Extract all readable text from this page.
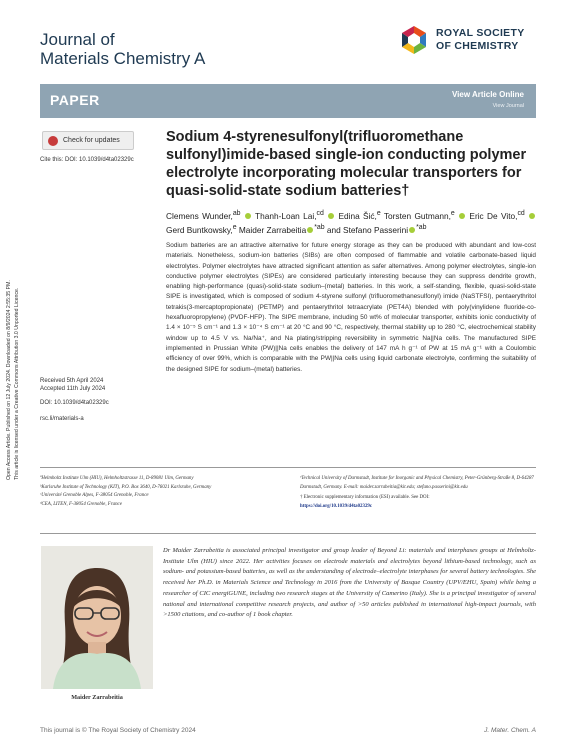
Journal of
Materials Chemistry A
ROYAL SOCIETY
OF CHEMISTRY
PAPER	View Article Online
View Journal
Open Access Article. Published on 12 July 2024. Downloaded on 8/9/2024 2:55:35 PM. This article is licensed under a Creative Commons Attribution 3.0 Unported Licence.
Check for updates
Cite this: DOI: 10.1039/d4ta02329c
Sodium 4-styrenesulfonyl(trifluoromethane sulfonyl)imide-based single-ion conducting polymer electrolyte incorporating molecular transporters for quasi-solid-state sodium batteries†
Clemens Wunder,$^{ab}$ Thanh-Loan Lai,$^{cd}$ Edina Šić,$^e$ Torsten Gutmann,$^e$ Eric De Vito,$^{cd}$  Gerd Buntkowsky,$^e$ Maider Zarrabeitia $^{*ab}$ and Stefano Passerini $^{*ab}$
Sodium batteries are an attractive alternative for future energy storage as they can be produced with abundant and low-cost materials. Nonetheless, sodium-ion batteries (SIBs) are often composed of flammable and volatile carbonate-based liquid electrolytes. Polymer electrolytes have attracted significant attention as safer alternatives. Among polymer electrolytes, single-ion conductive polymer electrolytes (SIPEs) are considered particularly interesting because they can suppress dendrite growth, enabling high-performance (quasi)-solid-state sodium–(metal) batteries. In this work, a self-standing, flexible, quasi-solid-state SIPE is investigated, which is composed of sodium 4-styrene sulfonyl (trifluoromethanesulfonyl) imide (NaSTFSI), pentaerythritol tetrakis(3-mercaptopropionate) (PETMP) and pentaerythritol tetraacrylate (PET4A) blended with poly(vinylidene fluoride-co-hexafluoropropylene) (PVDF-HFP). The SIPE membrane, including 50 wt% of molecular transporter, exhibits ionic conductivity of 1.4 × 10⁻⁵ S cm⁻¹ and 1.3 × 10⁻⁴ S cm⁻¹ at 20 °C and 90 °C, respectively, thermal stability up to 280 °C, electrochemical stability window up to 4.5 V vs. Na/Na⁺, and Na plating/stripping reversibility in symmetric Na||Na cells. The manufactured SIPE implemented in Prussian White (PW)||Na cells enables the delivery of 147 mA h g⁻¹ of PW at 15 mA g⁻¹ with a Coulombic efficiency of over 99%, which is comparable with the PW||Na cells using liquid carbonate electrolyte, confirming the suitability of the designed SIPE for sodium–(metal) batteries.
Received 5th April 2024
Accepted 11th July 2024
DOI: 10.1039/d4ta02329c
rsc.li/materials-a
ªHelmholtz Institute Ulm (HIU), Helmholtzstrasse 11, D-89081 Ulm, Germany
ᵇKarlsruhe Institute of Technology (KIT), P.O. Box 3640, D-76021 Karlsruhe, Germany
ᶜUniversité Grenoble Alpes, F-38054 Grenoble, France
ᵈCEA, LITEN, F-38054 Grenoble, France
ᵉTechnical University of Darmstadt, Institute for Inorganic and Physical Chemistry, Peter-Grünberg-Straße 8, D-64287 Darmstadt, Germany. E-mail: maider.zarrabeitia@kit.edu; stefano.passerini@kit.edu
† Electronic supplementary information (ESI) available. See DOI:
https://doi.org/10.1039/d4ta02329c
Maider Zarrabeitia
Dr Maider Zarrabeitia is associated principal investigator and group leader of Beyond Li: materials and interphases groups at Helmholtz-Institute Ulm (HIU) since 2022. Her activities focuses on electrode materials and electrolytes beyond lithium-based technology, such as sodium- and potassium-based batteries, as well as the understanding of electrode–electrolyte interphases for several battery technologies. She received her Ph.D. in Materials Science and Technology in 2016 from the University of Basque Country (UPV/EHU, Spain) while being a researcher of CIC energiGUNE, including two research stages at the University of Camerino (Italy). She is a principal investigator of several national and international competitive research projects, and author of >50 articles published in international high-impact journals, with >1500 citations, and co-author of 1 book chapter.
This journal is © The Royal Society of Chemistry 2024	J. Mater. Chem. A
